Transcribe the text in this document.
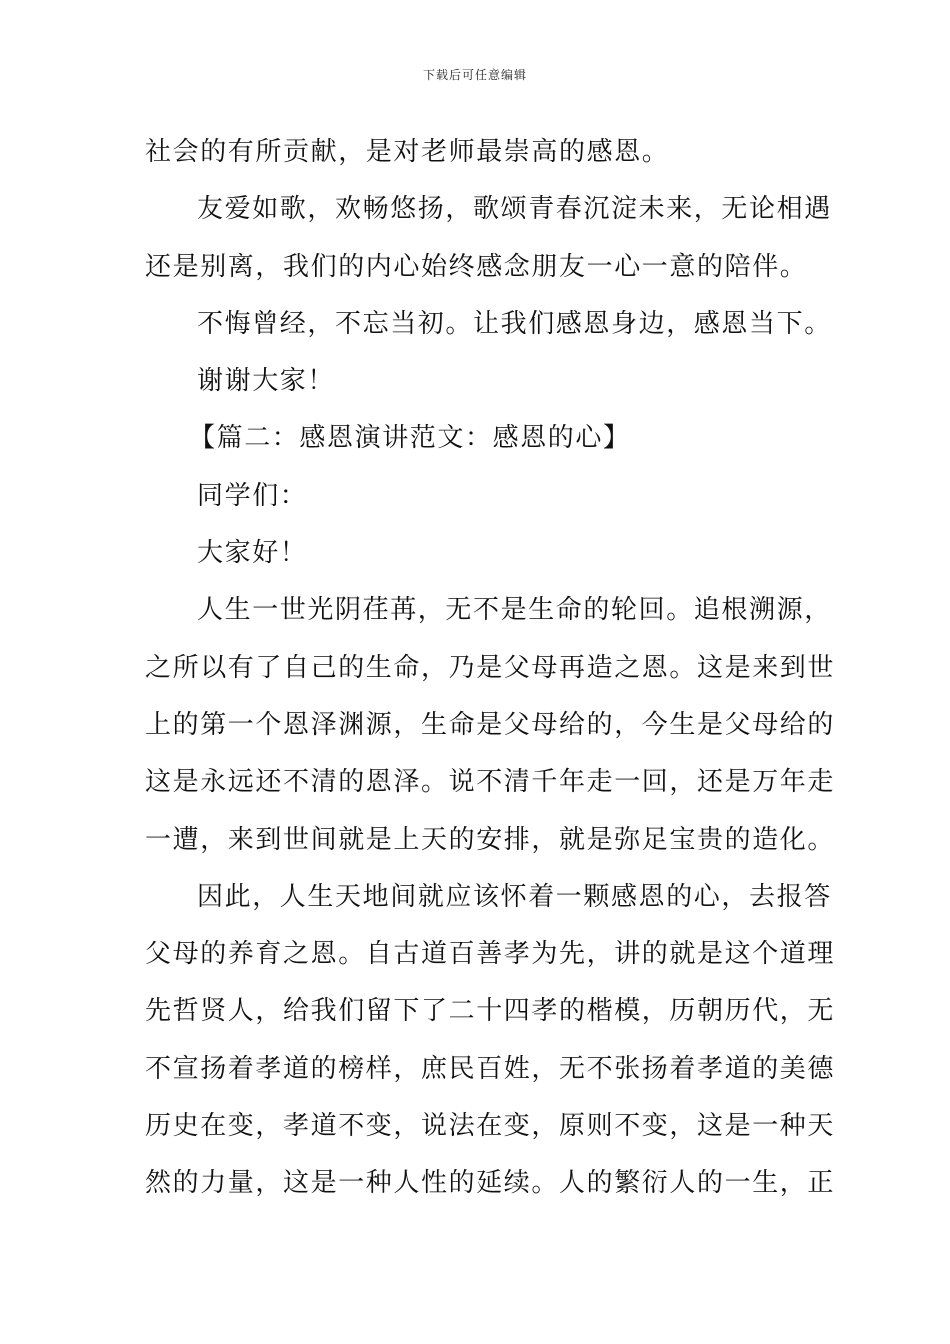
下载后可任意编辑
社会的有所贡献，是对老师最崇高的感恩。
友爱如歌，欢畅悠扬，歌颂青春沉淀未来，无论相遇
还是别离，我们的内心始终感念朋友一心一意的陪伴。
不悔曾经，不忘当初。让我们感恩身边，感恩当下。
谢谢大家！
【篇二：感恩演讲范文：感恩的心】
同学们：
大家好！
人生一世光阴荏苒，无不是生命的轮回。追根溯源，
之所以有了自己的生命，乃是父母再造之恩。这是来到世
上的第一个恩泽渊源，生命是父母给的，今生是父母给的
这是永远还不清的恩泽。说不清千年走一回，还是万年走
一遭，来到世间就是上天的安排，就是弥足宝贵的造化。
因此，人生天地间就应该怀着一颗感恩的心，去报答
父母的养育之恩。自古道百善孝为先，讲的就是这个道理
先哲贤人，给我们留下了二十四孝的楷模，历朝历代，无
不宣扬着孝道的榜样，庶民百姓，无不张扬着孝道的美德
历史在变，孝道不变，说法在变，原则不变，这是一种天
然的力量，这是一种人性的延续。人的繁衍人的一生，正
